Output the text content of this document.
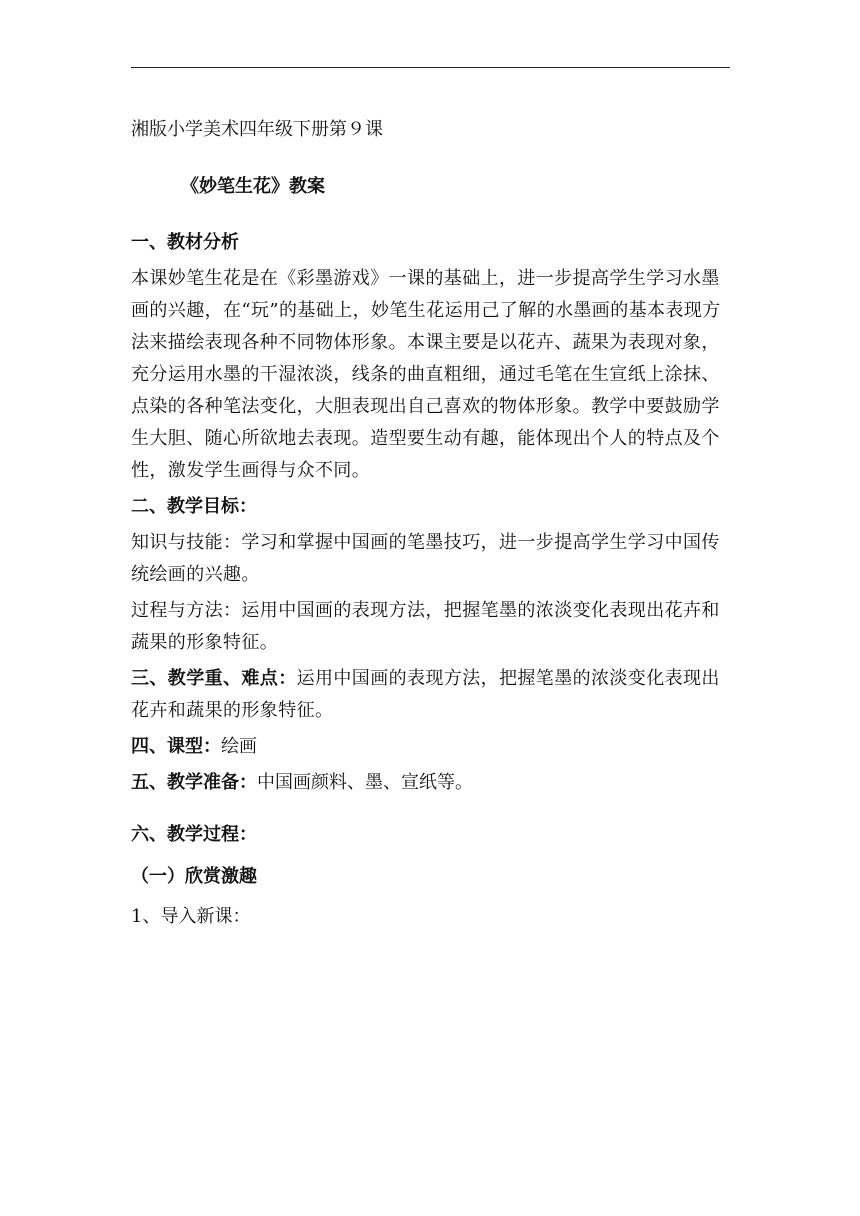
湘版小学美术四年级下册第９课

《妙笔生花》教案

一、教材分析

本课妙笔生花是在《彩墨游戏》一课的基础上，进一步提高学生学习水墨画的兴趣，在“玩”的基础上，妙笔生花运用己了解的水墨画的基本表现方法来描绘表现各种不同物体形象。本课主要是以花卉、蔬果为表现对象，充分运用水墨的干湿浓淡，线条的曲直粗细，通过毛笔在生宣纸上涂抹、点染的各种笔法变化，大胆表现出自己喜欢的物体形象。教学中要鼓励学生大胆、随心所欲地去表现。造型要生动有趣，能体现出个人的特点及个性，激发学生画得与众不同。

二、教学目标：

知识与技能：学习和掌握中国画的笔墨技巧，进一步提高学生学习中国传统绘画的兴趣。

过程与方法：运用中国画的表现方法，把握笔墨的浓淡变化表现出花卉和蔬果的形象特征。

三、教学重、难点：运用中国画的表现方法，把握笔墨的浓淡变化表现出花卉和蔬果的形象特征。

四、课型：绘画

五、教学准备：中国画颜料、墨、宣纸等。

六、教学过程：

（一）欣赏激趣

1、导入新课：
